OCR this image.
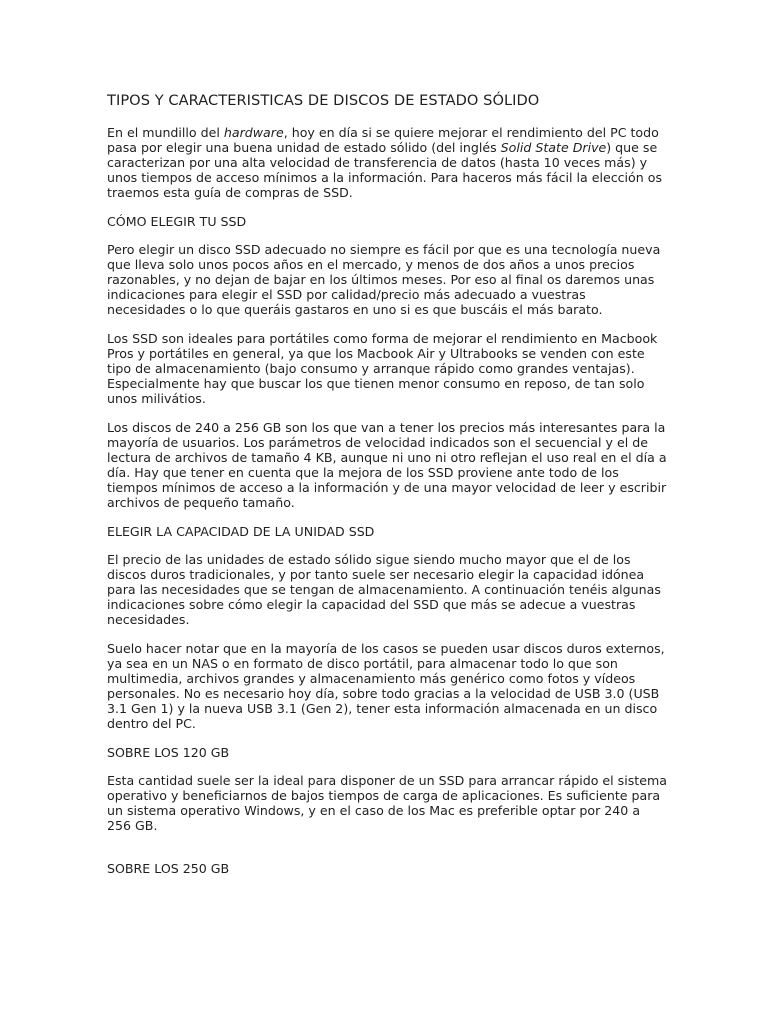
TIPOS Y CARACTERISTICAS DE DISCOS DE ESTADO SÓLIDO

En el mundillo del hardware, hoy en día si se quiere mejorar el rendimiento del PC todo pasa por elegir una buena unidad de estado sólido (del inglés Solid State Drive) que se caracterizan por una alta velocidad de transferencia de datos (hasta 10 veces más) y unos tiempos de acceso mínimos a la información. Para haceros más fácil la elección os traemos esta guía de compras de SSD.

CÓMO ELEGIR TU SSD

Pero elegir un disco SSD adecuado no siempre es fácil por que es una tecnología nueva que lleva solo unos pocos años en el mercado, y menos de dos años a unos precios razonables, y no dejan de bajar en los últimos meses. Por eso al final os daremos unas indicaciones para elegir el SSD por calidad/precio más adecuado a vuestras necesidades o lo que queráis gastaros en uno si es que buscáis el más barato.

Los SSD son ideales para portátiles como forma de mejorar el rendimiento en Macbook Pros y portátiles en general, ya que los Macbook Air y Ultrabooks se venden con este tipo de almacenamiento (bajo consumo y arranque rápido como grandes ventajas). Especialmente hay que buscar los que tienen menor consumo en reposo, de tan solo unos milivátios.

Los discos de 240 a 256 GB son los que van a tener los precios más interesantes para la mayoría de usuarios. Los parámetros de velocidad indicados son el secuencial y el de lectura de archivos de tamaño 4 KB, aunque ni uno ni otro reflejan el uso real en el día a día. Hay que tener en cuenta que la mejora de los SSD proviene ante todo de los tiempos mínimos de acceso a la información y de una mayor velocidad de leer y escribir archivos de pequeño tamaño.

ELEGIR LA CAPACIDAD DE LA UNIDAD SSD

El precio de las unidades de estado sólido sigue siendo mucho mayor que el de los discos duros tradicionales, y por tanto suele ser necesario elegir la capacidad idónea para las necesidades que se tengan de almacenamiento. A continuación tenéis algunas indicaciones sobre cómo elegir la capacidad del SSD que más se adecue a vuestras necesidades.

Suelo hacer notar que en la mayoría de los casos se pueden usar discos duros externos, ya sea en un NAS o en formato de disco portátil, para almacenar todo lo que son multimedia, archivos grandes y almacenamiento más genérico como fotos y vídeos personales. No es necesario hoy día, sobre todo gracias a la velocidad de USB 3.0 (USB 3.1 Gen 1) y la nueva USB 3.1 (Gen 2), tener esta información almacenada en un disco dentro del PC.

SOBRE LOS 120 GB

Esta cantidad suele ser la ideal para disponer de un SSD para arrancar rápido el sistema operativo y beneficiarnos de bajos tiempos de carga de aplicaciones. Es suficiente para un sistema operativo Windows, y en el caso de los Mac es preferible optar por 240 a 256 GB.

SOBRE LOS 250 GB
